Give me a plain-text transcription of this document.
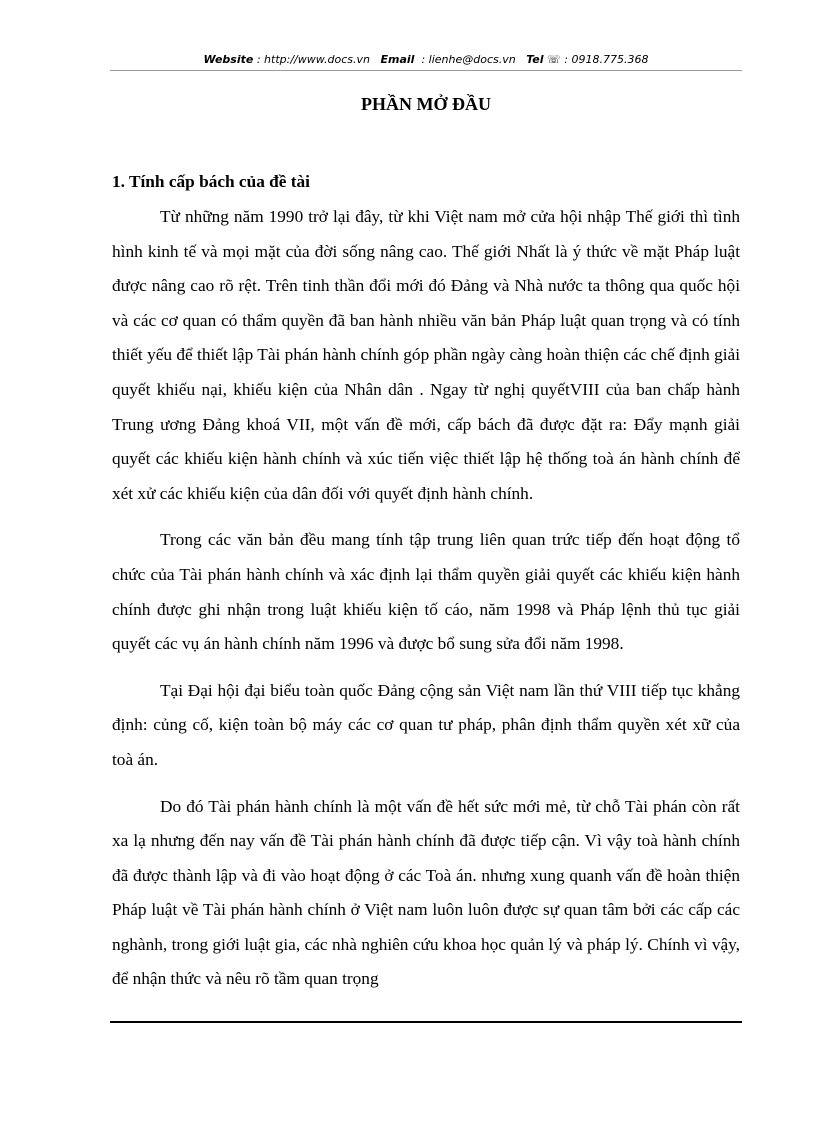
Website : http://www.docs.vn Email : lienhe@docs.vn Tel ☏ : 0918.775.368
PHẦN MỞ ĐẦU
1. Tính cấp bách của đề tài

Từ những năm 1990 trở lại đây, từ khi Việt nam mở cửa hội nhập Thế giới thì tình hình kinh tế và mọi mặt của đời sống nâng cao. Thế giới Nhất là ý thức về mặt Pháp luật được nâng cao rõ rệt. Trên tinh thần đổi mới đó Đảng và Nhà nước ta thông qua quốc hội và các cơ quan có thẩm quyền đã ban hành nhiều văn bản Pháp luật quan trọng và có tính thiết yếu để thiết lập Tài phán hành chính góp phần ngày càng hoàn thiện các chế định giải quyết khiếu nại, khiếu kiện của Nhân dân . Ngay từ nghị quyếtVIII của ban chấp hành Trung ương Đảng khoá VII, một vấn đề mới, cấp bách đã được đặt ra: Đẩy mạnh giải quyết các khiếu kiện hành chính và xúc tiến việc thiết lập hệ thống toà án hành chính để xét xử các khiếu kiện của dân đối với quyết định hành chính.

Trong các văn bản đều mang tính tập trung liên quan trức tiếp đến hoạt động tổ chức của Tài phán hành chính và xác định lại thẩm quyền giải quyết các khiếu kiện hành chính được ghi nhận trong luật khiếu kiện tố cáo, năm 1998 và Pháp lệnh thủ tục giải quyết các vụ án hành chính năm 1996 và được bổ sung sửa đổi năm 1998.

Tại Đại hội đại biểu toàn quốc Đảng cộng sản Việt nam lần thứ VIII tiếp tục khẳng định: củng cố, kiện toàn bộ máy các cơ quan tư pháp, phân định thẩm quyền xét xữ của toà án.

Do đó Tài phán hành chính là một vấn đề hết sức mới mẻ, từ chỗ Tài phán còn rất xa lạ nhưng đến nay vấn đề Tài phán hành chính đã được tiếp cận. Vì vậy toà hành chính đã được thành lập và đi vào hoạt động ở các Toà án. nhưng xung quanh vấn đề hoàn thiện Pháp luật về Tài phán hành chính ở Việt nam luôn luôn được sự quan tâm bởi các cấp các nghành, trong giới luật gia, các nhà nghiên cứu khoa học quản lý và pháp lý. Chính vì vậy, để nhận thức và nêu rõ tầm quan trọng
